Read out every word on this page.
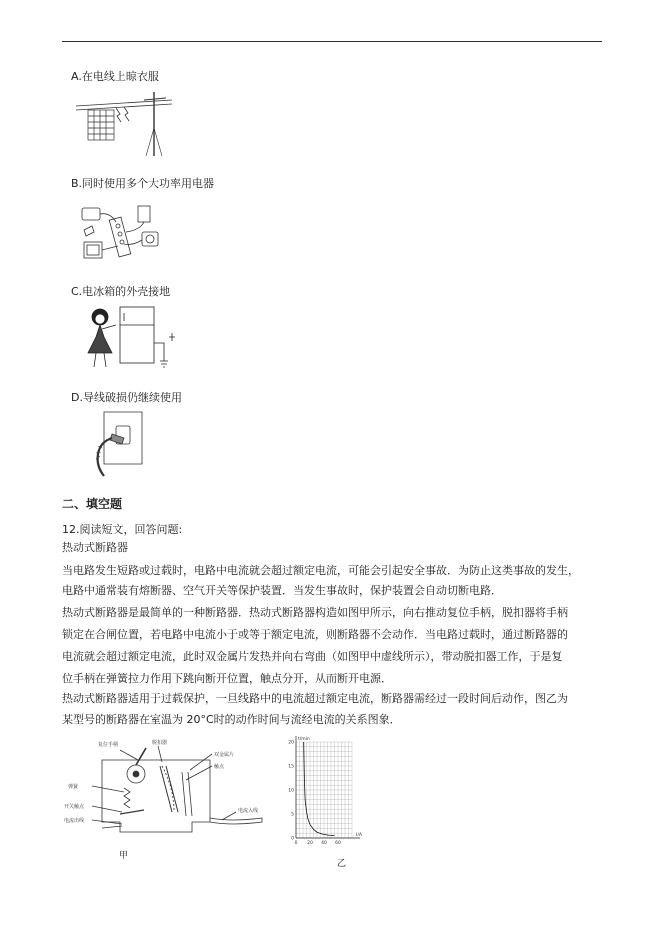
A.在电线上晾衣服
B.同时使用多个大功率用电器
C.电冰箱的外壳接地
D.导线破损仍继续使用
二、填空题
12.阅读短文，回答问题:
热动式断路器
当电路发生短路或过载时，电路中电流就会超过额定电流，可能会引起安全事故．为防止这类事故的发生，
电路中通常装有熔断器、空气开关等保护装置．当发生事故时，保护装置会自动切断电路．
热动式断路器是最简单的一种断路器．热动式断路器构造如图甲所示，向右推动复位手柄，脱扣器将手柄
锁定在合闸位置，若电路中电流小于或等于额定电流，则断路器不会动作．当电路过载时，通过断路器的
电流就会超过额定电流，此时双金属片发热并向右弯曲（如图甲中虚线所示），带动脱扣器工作，于是复
位手柄在弹簧拉力作用下跳向断开位置，触点分开，从而断开电源．
热动式断路器适用于过载保护，一旦线路中的电流超过额定电流，断路器需经过一段时间后动作，图乙为
某型号的断路器在室温为 20°C时的动作时间与流经电流的关系图象．
复位手柄	脱扣器
双金属片
触点
弹簧
开关触点
电流出线
电流入线
甲
0 20 40 60
0
5
10
15
20
I/A
t/min
乙
